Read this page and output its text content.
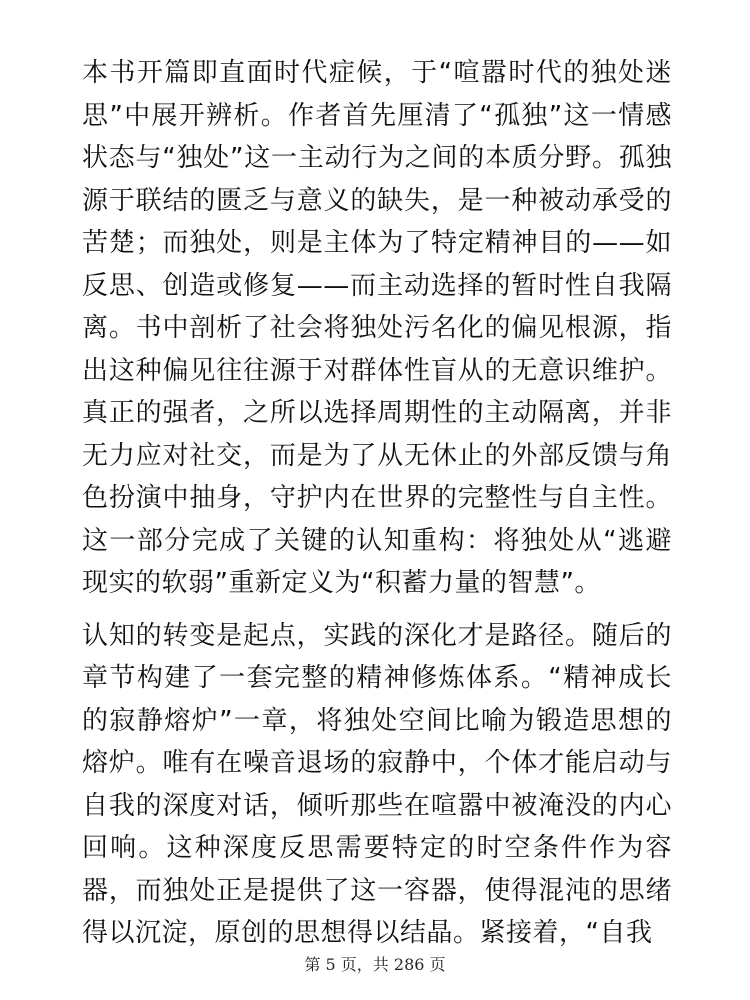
本书开篇即直面时代症候，于“喧嚣时代的独处迷思”中展开辨析。作者首先厘清了“孤独”这一情感状态与“独处”这一主动行为之间的本质分野。孤独源于联结的匮乏与意义的缺失，是一种被动承受的苦楚；而独处，则是主体为了特定精神目的——如反思、创造或修复——而主动选择的暂时性自我隔离。书中剖析了社会将独处污名化的偏见根源，指出这种偏见往往源于对群体性盲从的无意识维护。真正的强者，之所以选择周期性的主动隔离，并非无力应对社交，而是为了从无休止的外部反馈与角色扮演中抽身，守护内在世界的完整性与自主性。这一部分完成了关键的认知重构：将独处从“逃避现实的软弱”重新定义为“积蓄力量的智慧”。

认知的转变是起点，实践的深化才是路径。随后的章节构建了一套完整的精神修炼体系。“精神成长的寂静熔炉”一章，将独处空间比喻为锻造思想的熔炉。唯有在噪音退场的寂静中，个体才能启动与自我的深度对话，倾听那些在喧嚣中被淹没的内心回响。这种深度反思需要特定的时空条件作为容器，而独处正是提供了这一容器，使得混沌的思绪得以沉淀，原创的思想得以结晶。紧接着，“自我

第 5 页，共 286 页
